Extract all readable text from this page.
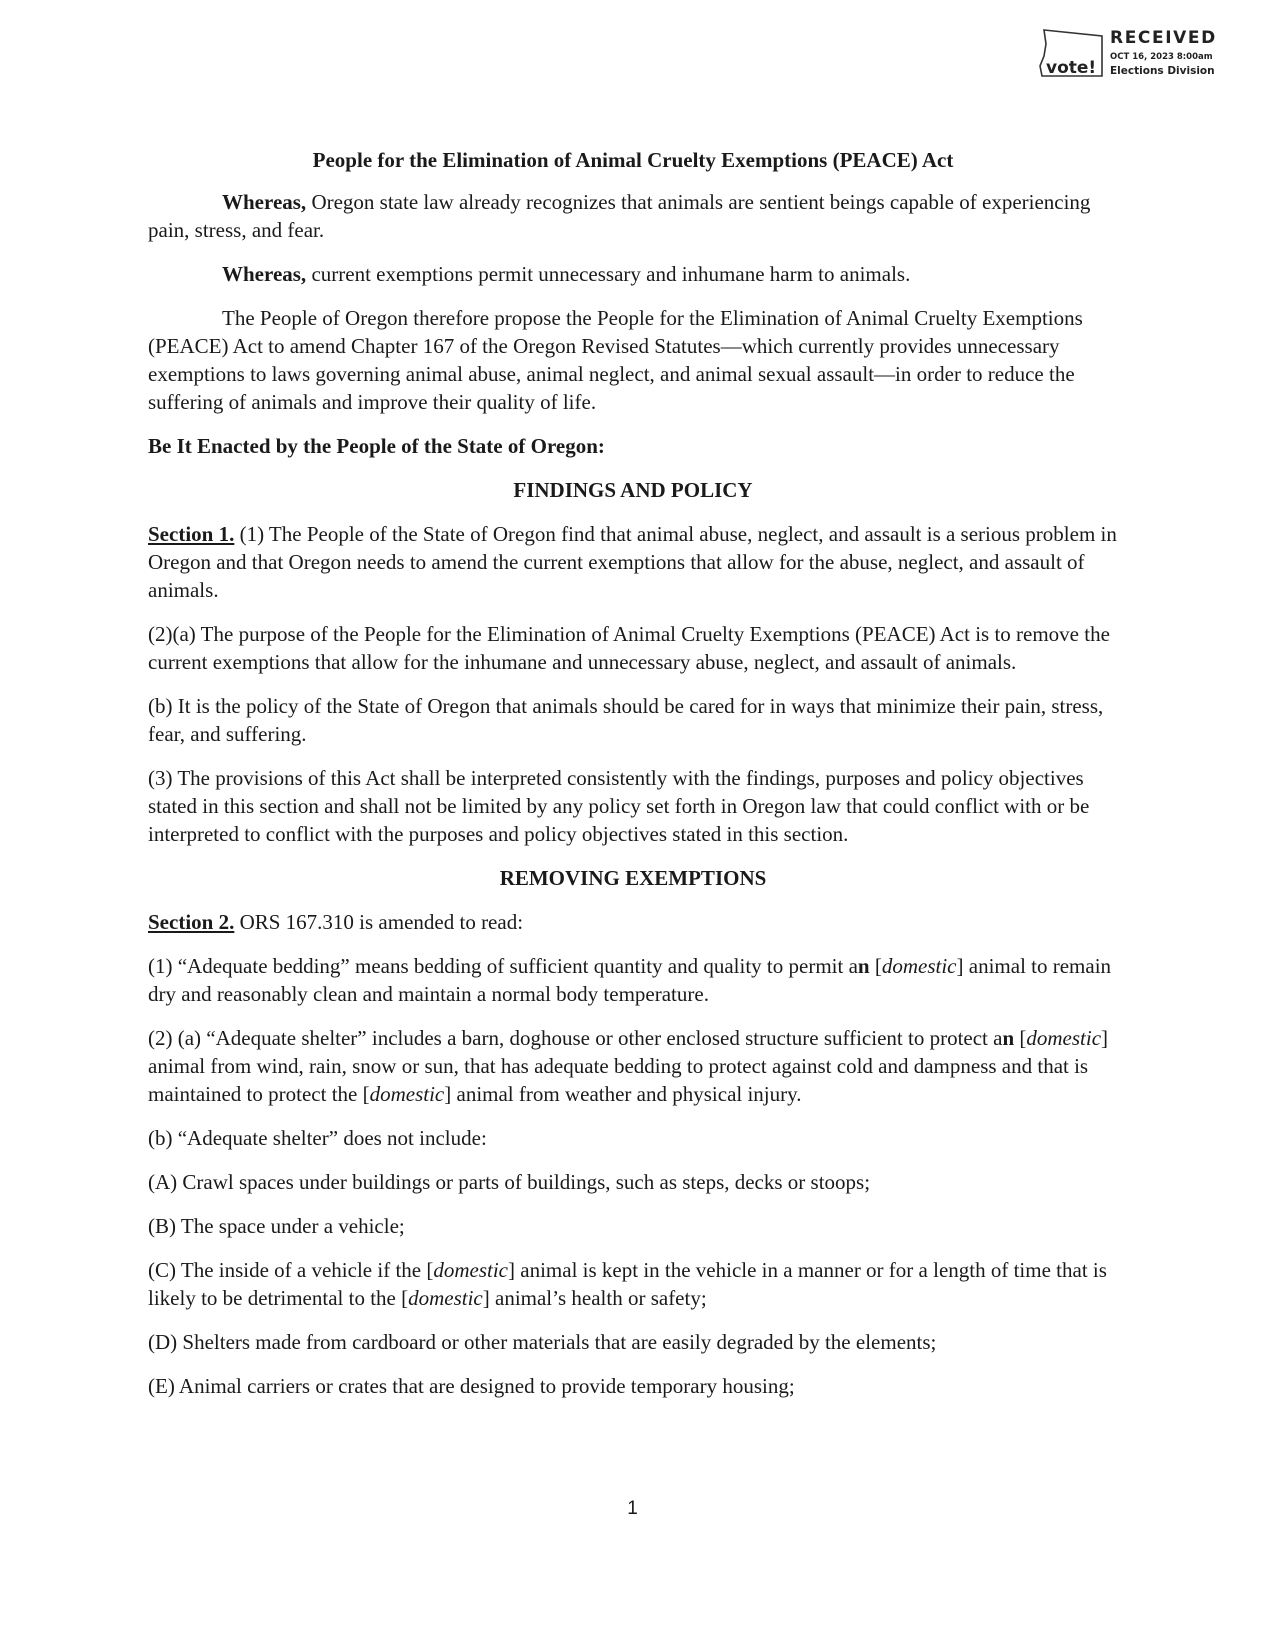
vote!
RECEIVED
OCT 16, 2023 8:00am
Elections Division

People for the Elimination of Animal Cruelty Exemptions (PEACE) Act

Whereas, Oregon state law already recognizes that animals are sentient beings capable of experiencing pain, stress, and fear.

Whereas, current exemptions permit unnecessary and inhumane harm to animals.

The People of Oregon therefore propose the People for the Elimination of Animal Cruelty Exemptions (PEACE) Act to amend Chapter 167 of the Oregon Revised Statutes—which currently provides unnecessary exemptions to laws governing animal abuse, animal neglect, and animal sexual assault—in order to reduce the suffering of animals and improve their quality of life.

Be It Enacted by the People of the State of Oregon:

FINDINGS AND POLICY

Section 1. (1) The People of the State of Oregon find that animal abuse, neglect, and assault is a serious problem in Oregon and that Oregon needs to amend the current exemptions that allow for the abuse, neglect, and assault of animals.

(2)(a) The purpose of the People for the Elimination of Animal Cruelty Exemptions (PEACE) Act is to remove the current exemptions that allow for the inhumane and unnecessary abuse, neglect, and assault of animals.

(b) It is the policy of the State of Oregon that animals should be cared for in ways that minimize their pain, stress, fear, and suffering.

(3) The provisions of this Act shall be interpreted consistently with the findings, purposes and policy objectives stated in this section and shall not be limited by any policy set forth in Oregon law that could conflict with or be interpreted to conflict with the purposes and policy objectives stated in this section.

REMOVING EXEMPTIONS

Section 2. ORS 167.310 is amended to read:

(1) “Adequate bedding” means bedding of sufficient quantity and quality to permit an [domestic] animal to remain dry and reasonably clean and maintain a normal body temperature.

(2) (a) “Adequate shelter” includes a barn, doghouse or other enclosed structure sufficient to protect an [domestic] animal from wind, rain, snow or sun, that has adequate bedding to protect against cold and dampness and that is maintained to protect the [domestic] animal from weather and physical injury.

(b) “Adequate shelter” does not include:

(A) Crawl spaces under buildings or parts of buildings, such as steps, decks or stoops;

(B) The space under a vehicle;

(C) The inside of a vehicle if the [domestic] animal is kept in the vehicle in a manner or for a length of time that is likely to be detrimental to the [domestic] animal’s health or safety;

(D) Shelters made from cardboard or other materials that are easily degraded by the elements;

(E) Animal carriers or crates that are designed to provide temporary housing;

1
